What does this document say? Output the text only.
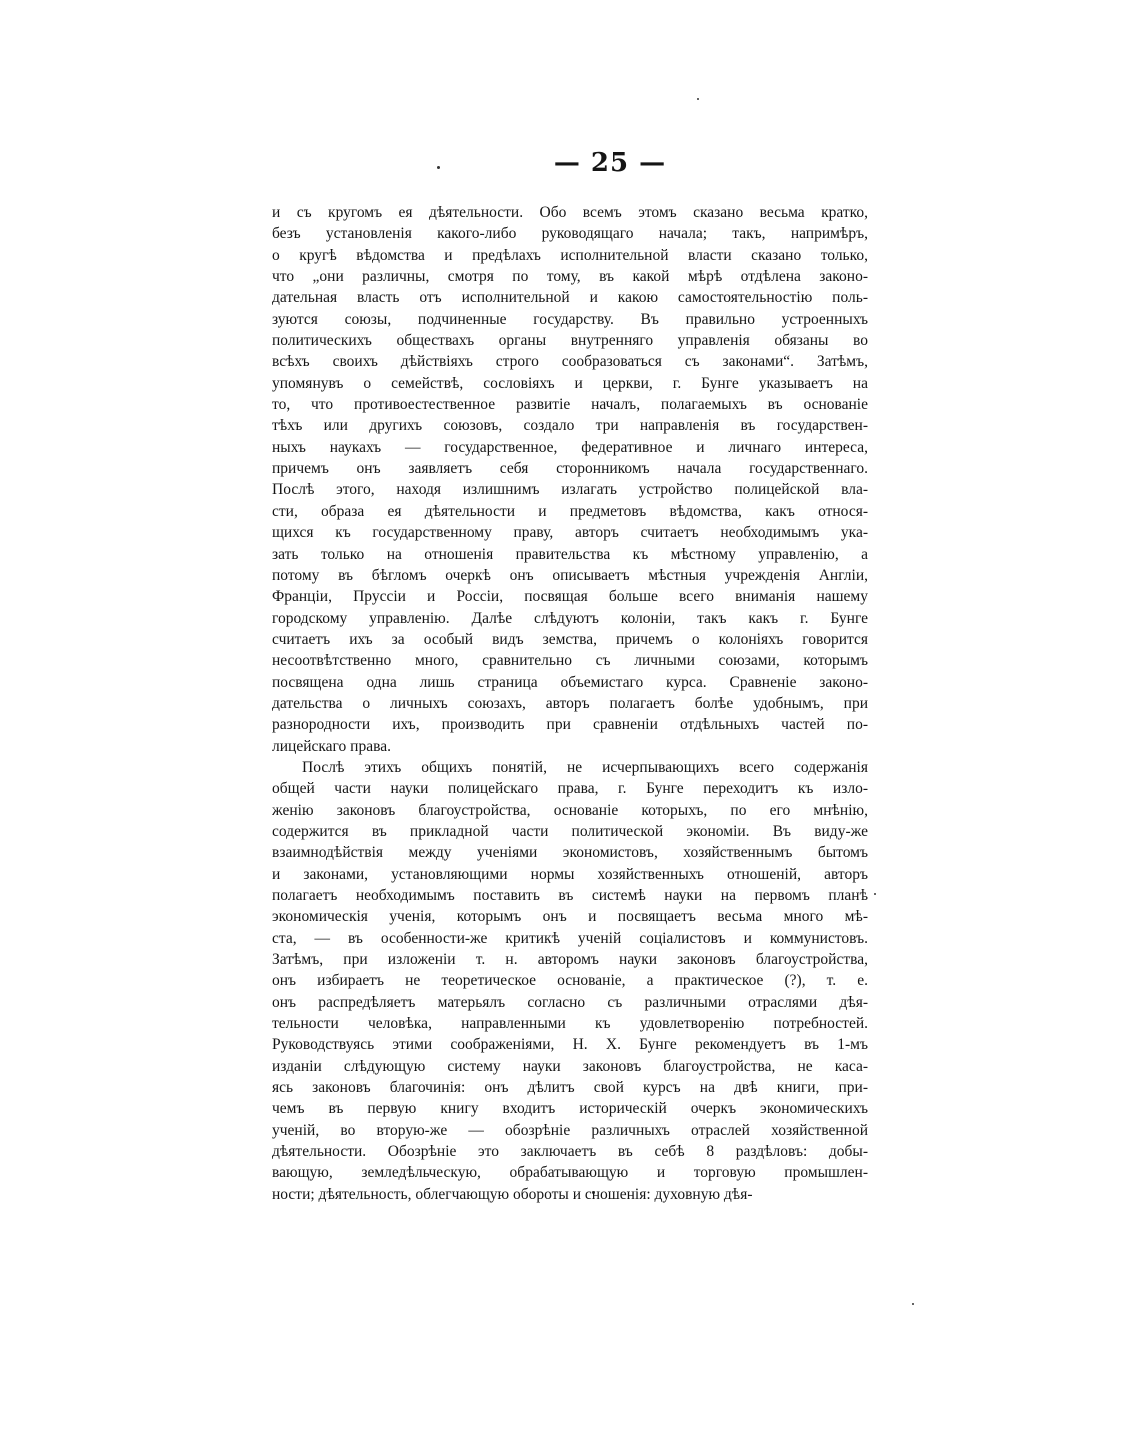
— 25 —
и съ кругомъ ея дѣятельности. Обо всемъ этомъ сказано весьма кратко,
безъ установленія какого-либо руководящаго начала; такъ, напримѣръ,
о кругѣ вѣдомства и предѣлахъ исполнительной власти сказано только,
что „они различны, смотря по тому, въ какой мѣрѣ отдѣлена законо-
дательная власть отъ исполнительной и какою самостоятельностію поль-
зуются союзы, подчиненные государству. Въ правильно устроенныхъ
политическихъ обществахъ органы внутренняго управленія обязаны во
всѣхъ своихъ дѣйствіяхъ строго сообразоваться съ законами“. Затѣмъ,
упомянувъ о семействѣ, сословіяхъ и церкви, г. Бунге указываетъ на
то, что противоестественное развитіе началъ, полагаемыхъ въ основаніе
тѣхъ или другихъ союзовъ, создало три направленія въ государствен-
ныхъ наукахъ — государственное, федеративное и личнаго интереса,
причемъ онъ заявляетъ себя сторонникомъ начала государственнаго.
Послѣ этого, находя излишнимъ излагать устройство полицейской вла-
сти, образа ея дѣятельности и предметовъ вѣдомства, какъ относя-
щихся къ государственному праву, авторъ считаетъ необходимымъ ука-
зать только на отношенія правительства къ мѣстному управленію, а
потому въ бѣгломъ очеркѣ онъ описываетъ мѣстныя учрежденія Англіи,
Франціи, Пруссіи и Россіи, посвящая больше всего вниманія нашему
городскому управленію. Далѣе слѣдуютъ колоніи, такъ какъ г. Бунге
считаетъ ихъ за особый видъ земства, причемъ о колоніяхъ говорится
несоотвѣтственно много, сравнительно съ личными союзами, которымъ
посвящена одна лишь страница объемистаго курса. Сравненіе законо-
дательства о личныхъ союзахъ, авторъ полагаетъ болѣе удобнымъ, при
разнородности ихъ, производить при сравненіи отдѣльныхъ частей по-
лицейскаго права.
Послѣ этихъ общихъ понятій, не исчерпывающихъ всего содержанія
общей части науки полицейскаго права, г. Бунге переходитъ къ изло-
женію законовъ благоустройства, основаніе которыхъ, по его мнѣнію,
содержится въ прикладной части политической экономіи. Въ виду-же
взаимнодѣйствія между ученіями экономистовъ, хозяйственнымъ бытомъ
и законами, установляющими нормы хозяйственныхъ отношеній, авторъ
полагаетъ необходимымъ поставить въ системѣ науки на первомъ планѣ
экономическія ученія, которымъ онъ и посвящаетъ весьма много мѣ-
ста, — въ особенности-же критикѣ ученій соціалистовъ и коммунистовъ.
Затѣмъ, при изложеніи т. н. авторомъ науки законовъ благоустройства,
онъ избираетъ не теоретическое основаніе, а практическое (?), т. е.
онъ распредѣляетъ матерьялъ согласно съ различными отраслями дѣя-
тельности человѣка, направленными къ удовлетворенію потребностей.
Руководствуясь этими соображеніями, Н. Х. Бунге рекомендуетъ въ 1-мъ
изданіи слѣдующую систему науки законовъ благоустройства, не каса-
ясь законовъ благочинія: онъ дѣлитъ свой курсъ на двѣ книги, при-
чемъ въ первую книгу входитъ историческій очеркъ экономическихъ
ученій, во вторую-же — обозрѣніе различныхъ отраслей хозяйственной
дѣятельности. Обозрѣніе это заключаетъ въ себѣ 8 раздѣловъ: добы-
вающую, земледѣльческую, обрабатывающую и торговую промышлен-
ности; дѣятельность, облегчающую обороты и сношенія: духовную дѣя-
